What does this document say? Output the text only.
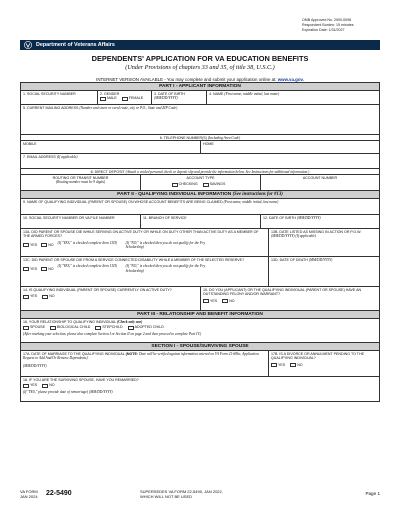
OMB Approved No. 2900-0098
Respondent Burden: 15 minutes
Expiration Date: 1/31/2027
Department of Veterans Affairs
DEPENDENTS' APPLICATION FOR VA EDUCATION BENEFITS
(Under Provisions of chapters 33 and 35, of title 38, U.S.C.)
INTERNET VERSION AVAILABLE - You may complete and submit your application online at: www.va.gov.
PART I - APPLICANT INFORMATION
1. SOCIAL SECURITY NUMBER	2. GENDER
MALE
	FEMALE
3. DATE OF BIRTH
(MM/DD/YYYY)
4. NAME (First name, middle initial, last name)
5. CURRENT MAILING ADDRESS (Number and street or rural route, city or P.O., State and ZIP Code)
6. TELEPHONE NUMBER(S) (Including Area Code)
MOBILE	HOME
7. EMAIL ADDRESS (If applicable)
8. DIRECT DEPOSIT (Attach a voided personal check or deposit slip and provide the information below. See Instructions for additional information.)
ROUTING OR TRANSIT NUMBER
(Routing number must be 9 digits)
ACCOUNT TYPE
CHECKING
	SAVINGS
ACCOUNT NUMBER
PART II - QUALIFYING INDIVIDUAL INFORMATION (See instructions for #13)
9. NAME OF QUALIFYING INDIVIDUAL (PARENT OR SPOUSE) ON WHOSE ACCOUNT BENEFITS ARE BEING CLAIMED (First name, middle initial, last name)
10. SOCIAL SECURITY NUMBER OR VA FILE NUMBER	11. BRANCH OF SERVICE	12. DATE OF BIRTH (MM/DD/YYYY)
13A. DID PARENT OR SPOUSE DIE WHILE SERVING ON ACTIVE DUTY OR WHILE ON DUTY OTHER THAN ACTIVE DUTY AS A MEMBER OF THE ARMED FORCES?
YES	NO
(If "YES," is checked complete Item 13D) (If "NO," is checked then you do not qualify for the Fry Scholarship)
13B. DATE LISTED AS MISSING IN ACTION OR P.O.W.
(MM/DD/YYYY) (If applicable)
13C. DID PARENT OR SPOUSE DIE FROM A SERVICE CONNECTED DISABILITY WHILE A MEMBER OF THE SELECTED RESERVE?
YES	NO
(If "YES," is checked complete Item 13D) (If "NO," is checked then you do not qualify for the Fry Scholarship)
13D. DATE OF DEATH (MM/DD/YYYY)
14. IS QUALIFYING INDIVIDUAL (PARENT OR SPOUSE) CURRENTLY ON ACTIVE DUTY?
YES
	NO
15. DO YOU (APPLICANT) OR THE QUALIFYING INDIVIDUAL (PARENT OR SPOUSE) HAVE AN OUTSTANDING FELONY AND/OR WARRANT?
YES
	NO
PART III - RELATIONSHIP AND BENEFIT INFORMATION
16. YOUR RELATIONSHIP TO QUALIFYING INDIVIDUAL (Check only one)
SPOUSE
	BIOLOGICAL CHILD
	STEPCHILD
	ADOPTED CHILD
(After marking your selection, please also complete Section I or Section II on page 2 and then proceed to complete Part IV.)
SECTION I - SPOUSE/SURVIVING SPOUSE
17A. DATE OF MARRIAGE TO THE QUALIFYING INDIVIDUAL (NOTE: Date will be verified against information entered on VA Form 21-686c, Application Request to Add And/Or Remove Dependents)
(MM/DD/YYYY)
17B. IS A DIVORCE OR ANNULMENT PENDING TO THE QUALIFYING INDIVIDUAL?
YES
	NO
18. IF YOU ARE THE SURVIVING SPOUSE, HAVE YOU REMARRIED?
YES
	NO
(If "YES," please provide date of remarriage) (MM/DD/YYYY)
VA FORM
JAN 2024 22-5490	SUPERSEDES VA FORM 22-5490, JAN 2022,
WHICH WILL NOT BE USED
Page 1
